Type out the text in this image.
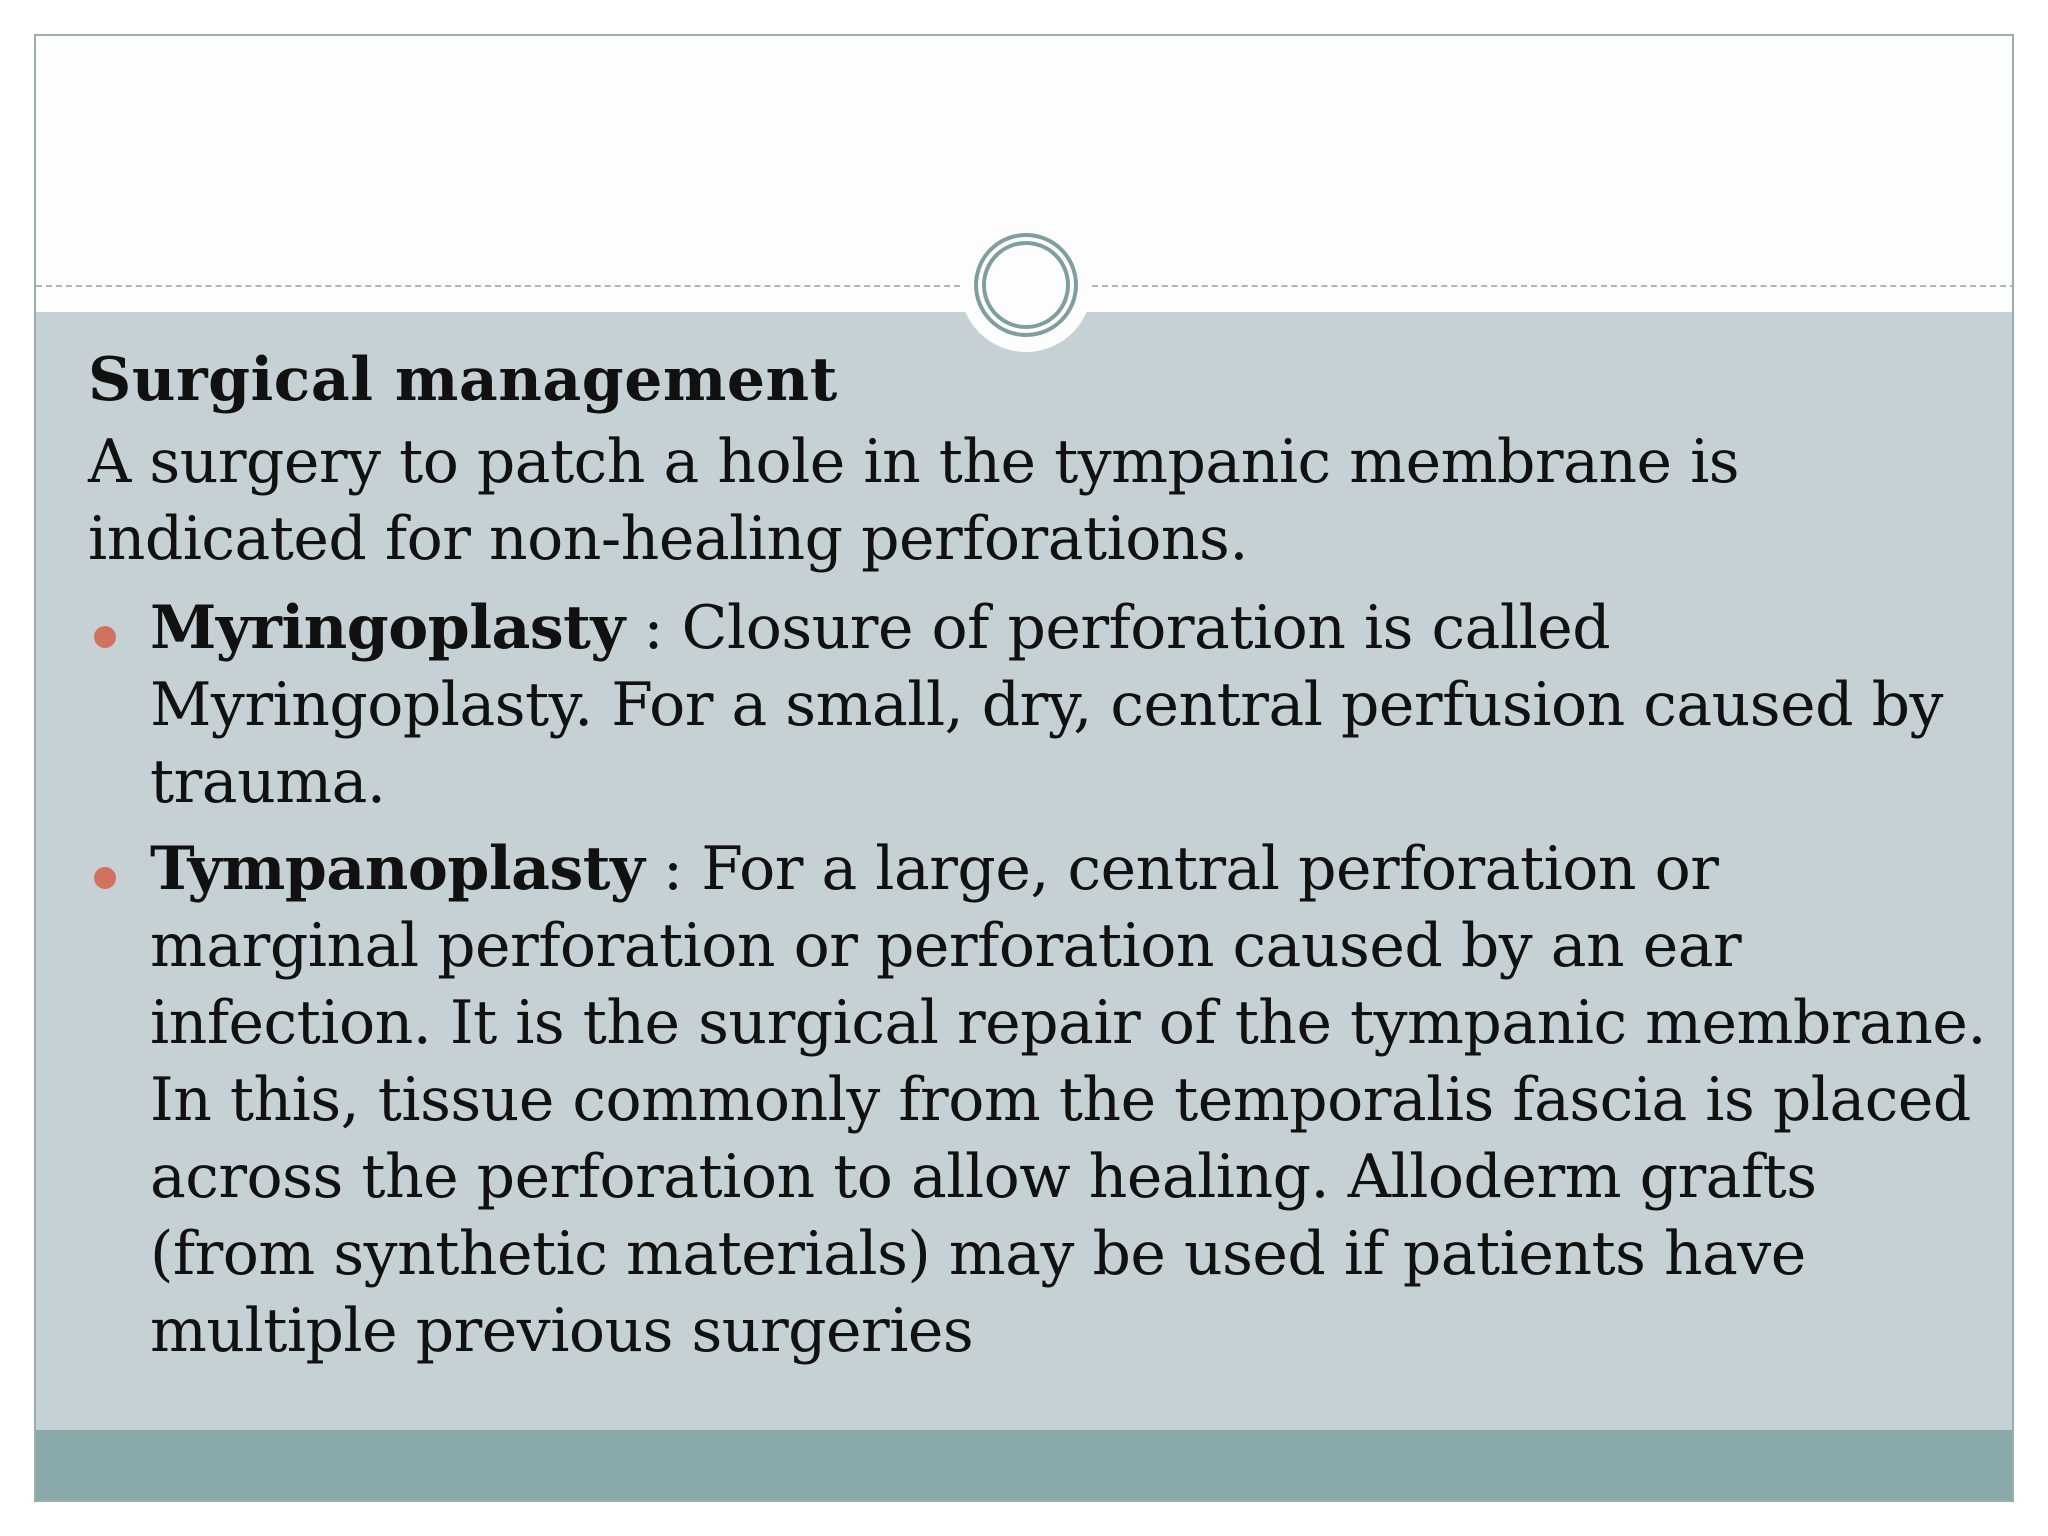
Surgical management
A surgery to patch a hole in the tympanic membrane is indicated for non-healing perforations.
Myringoplasty : Closure of perforation is called Myringoplasty. For a small, dry, central perfusion caused by trauma.
Tympanoplasty : For a large, central perforation or marginal perforation or perforation caused by an ear infection. It is the surgical repair of the tympanic membrane. In this, tissue commonly from the temporalis fascia is placed across the perforation to allow healing. Alloderm grafts (from synthetic materials) may be used if patients have multiple previous surgeries
